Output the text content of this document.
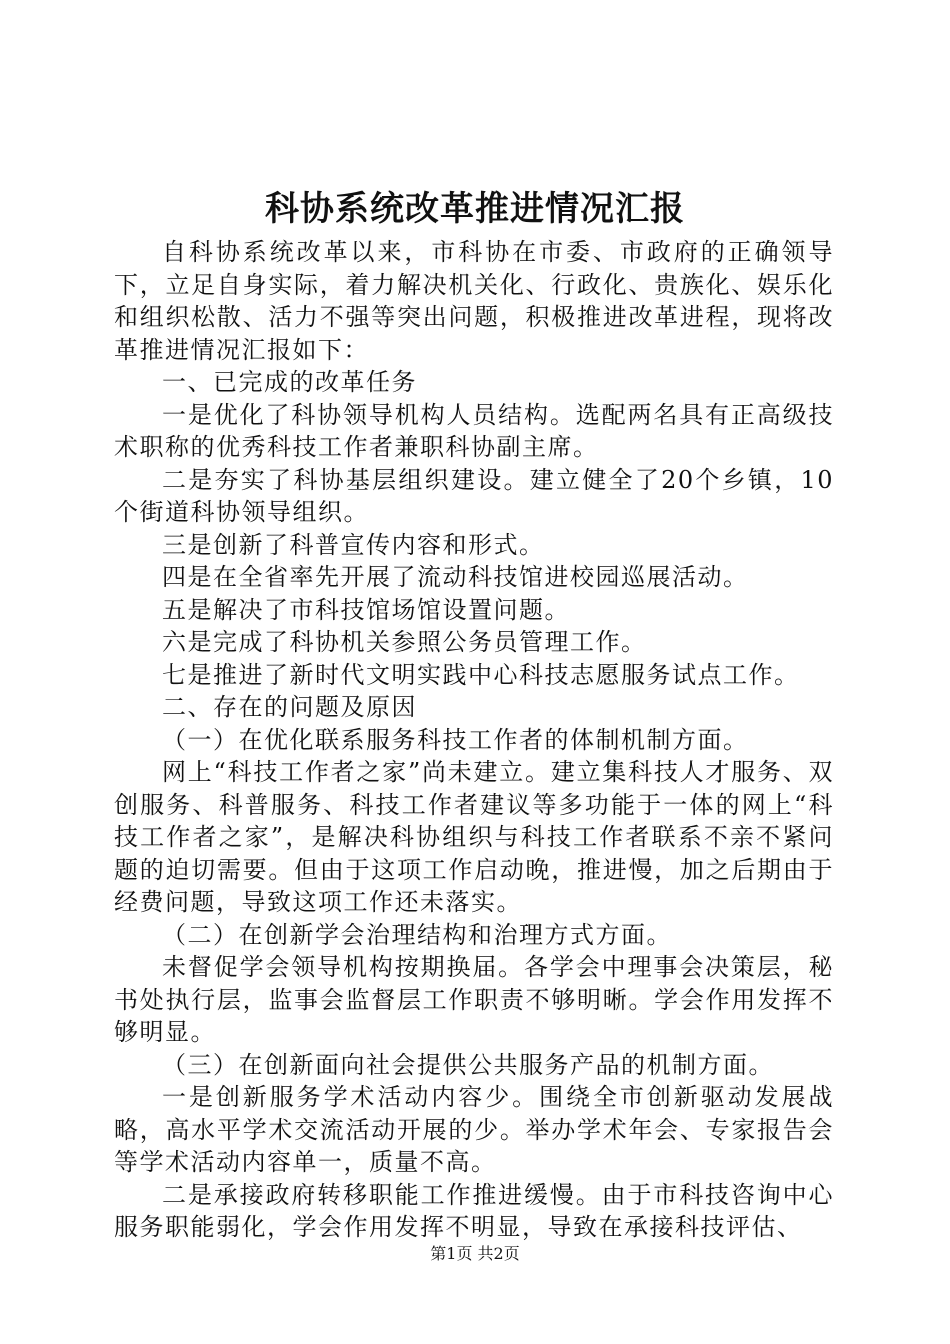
科协系统改革推进情况汇报

自科协系统改革以来，市科协在市委、市政府的正确领导下，立足自身实际，着力解决机关化、行政化、贵族化、娱乐化和组织松散、活力不强等突出问题，积极推进改革进程，现将改革推进情况汇报如下：

一、已完成的改革任务

一是优化了科协领导机构人员结构。选配两名具有正高级技术职称的优秀科技工作者兼职科协副主席。

二是夯实了科协基层组织建设。建立健全了20个乡镇，10个街道科协领导组织。

三是创新了科普宣传内容和形式。

四是在全省率先开展了流动科技馆进校园巡展活动。

五是解决了市科技馆场馆设置问题。

六是完成了科协机关参照公务员管理工作。

七是推进了新时代文明实践中心科技志愿服务试点工作。

二、存在的问题及原因

（一）在优化联系服务科技工作者的体制机制方面。

网上“科技工作者之家”尚未建立。建立集科技人才服务、双创服务、科普服务、科技工作者建议等多功能于一体的网上“科技工作者之家”，是解决科协组织与科技工作者联系不亲不紧问题的迫切需要。但由于这项工作启动晚，推进慢，加之后期由于经费问题，导致这项工作还未落实。

（二）在创新学会治理结构和治理方式方面。

未督促学会领导机构按期换届。各学会中理事会决策层，秘书处执行层，监事会监督层工作职责不够明晰。学会作用发挥不够明显。

（三）在创新面向社会提供公共服务产品的机制方面。

一是创新服务学术活动内容少。围绕全市创新驱动发展战略，高水平学术交流活动开展的少。举办学术年会、专家报告会等学术活动内容单一，质量不高。

二是承接政府转移职能工作推进缓慢。由于市科技咨询中心服务职能弱化，学会作用发挥不明显，导致在承接科技评估、

第1页 共2页
